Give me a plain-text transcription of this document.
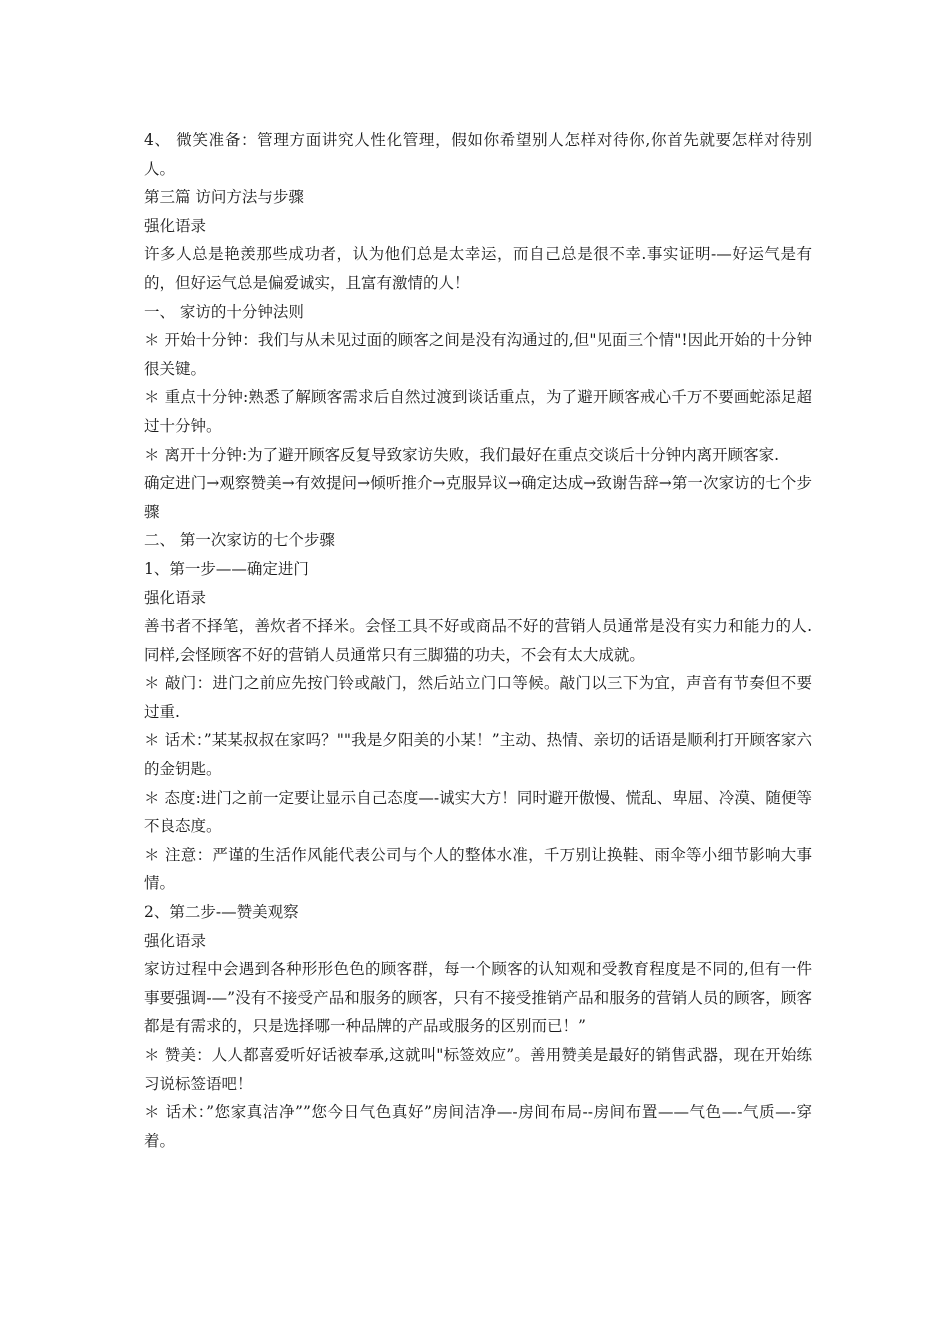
4、 微笑准备：管理方面讲究人性化管理，假如你希望别人怎样对待你,你首先就要怎样对待别人。

第三篇 访问方法与步骤

强化语录

许多人总是艳羡那些成功者，认为他们总是太幸运，而自己总是很不幸.事实证明-—好运气是有的，但好运气总是偏爱诚实，且富有激情的人！

一、 家访的十分钟法则

＊ 开始十分钟：我们与从未见过面的顾客之间是没有沟通过的,但"见面三个情"!因此开始的十分钟很关键。

＊ 重点十分钟:熟悉了解顾客需求后自然过渡到谈话重点，为了避开顾客戒心千万不要画蛇添足超过十分钟。

＊ 离开十分钟:为了避开顾客反复导致家访失败，我们最好在重点交谈后十分钟内离开顾客家.

确定进门→观察赞美→有效提问→倾听推介→克服异议→确定达成→致谢告辞→第一次家访的七个步骤

二、 第一次家访的七个步骤

1、第一步——确定进门

强化语录

善书者不择笔，善炊者不择米。会怪工具不好或商品不好的营销人员通常是没有实力和能力的人.同样,会怪顾客不好的营销人员通常只有三脚猫的功夫，不会有太大成就。

＊ 敲门：进门之前应先按门铃或敲门，然后站立门口等候。敲门以三下为宜，声音有节奏但不要过重.

＊ 话术：”某某叔叔在家吗？""我是夕阳美的小某！”主动、热情、亲切的话语是顺利打开顾客家六的金钥匙。

＊ 态度:进门之前一定要让显示自己态度—-诚实大方！同时避开傲慢、慌乱、卑屈、冷漠、随便等不良态度。

＊ 注意：严谨的生活作风能代表公司与个人的整体水准，千万别让换鞋、雨伞等小细节影响大事情。

2、第二步-—赞美观察

强化语录

家访过程中会遇到各种形形色色的顾客群，每一个顾客的认知观和受教育程度是不同的,但有一件事要强调-—”没有不接受产品和服务的顾客，只有不接受推销产品和服务的营销人员的顾客，顾客都是有需求的，只是选择哪一种品牌的产品或服务的区别而已！”

＊ 赞美：人人都喜爱听好话被奉承,这就叫"标签效应”。善用赞美是最好的销售武器，现在开始练习说标签语吧！

＊ 话术：”您家真洁净””您今日气色真好”房间洁净—-房间布局--房间布置——气色—-气质—-穿着。
